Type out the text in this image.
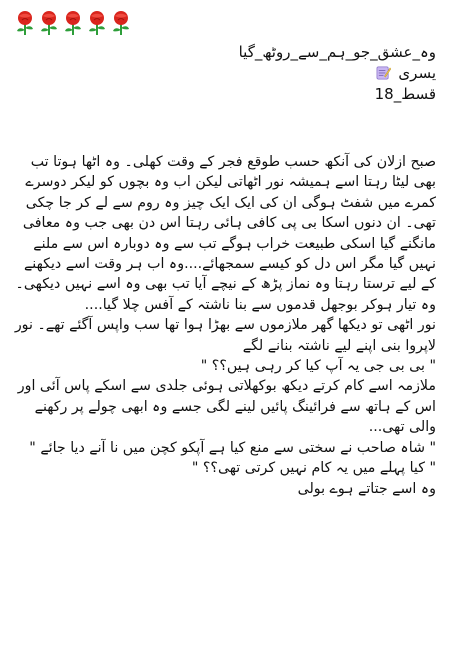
وہ_عشق_جو_ہم_سے_روٹھ_گیا
یسری
قسط_18

صبح ازلان کی آنکھ حسب طوقع فجر کے وقت کھلی۔ وہ اٹھا ہوتا تب بھی لیٹا رہتا اسے ہمیشہ نور اٹھاتی لیکن اب وہ بچوں کو لیکر دوسرے کمرے میں شفٹ ہوگی ان کی ایک ایک چیز وہ روم سے لے کر جا چکی تھی۔ ان دنوں اسکا بی پی کافی ہائی رہتا اس دن بھی جب وہ معافی مانگنے گیا اسکی طبیعت خراب ہوگے تب سے وہ دوبارہ اس سے ملنے نہیں گیا مگر اس دل کو کیسے سمجھائے....وہ اب ہر وقت اسے دیکھنے کے لیے ترستا رہتا وہ نماز پڑھ کے نیچے آیا تب بھی وہ اسے نہیں دیکھی۔ وہ تیار ہوکر بوجھل قدموں سے بنا ناشتہ کے آفس چلا گیا....

نور اٹھی تو دیکھا گھر ملازموں سے بھڑا ہوا تھا سب واپس آگئے تھے۔ نور لاپروا بنی اپنے لیے ناشتہ بنانے لگے

" بی بی جی یہ آپ کیا کر رہی ہیں؟؟ "

ملازمہ اسے کام کرتے دیکھ بوکھلاتی ہوئی جلدی سے اسکے پاس آئی اور اس کے ہاتھ سے فرائینگ پائیں لینے لگی جسے وہ ابھی چولے پر رکھنے والی تھی...

" شاہ صاحب نے سختی سے منع کیا ہے آپکو کچن میں نا آنے دیا جائے "

" کیا پہلے میں یہ کام نہیں کرتی تھی؟؟ "

وہ اسے جتاتے ہوے بولی
